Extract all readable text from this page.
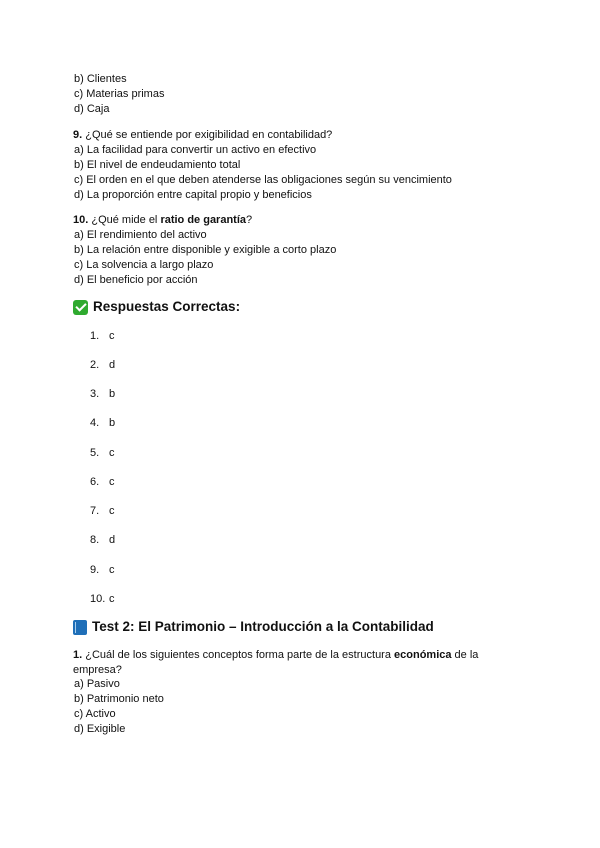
b) Clientes
c) Materias primas
d) Caja
9. ¿Qué se entiende por exigibilidad en contabilidad?
a) La facilidad para convertir un activo en efectivo
b) El nivel de endeudamiento total
c) El orden en el que deben atenderse las obligaciones según su vencimiento
d) La proporción entre capital propio y beneficios
10. ¿Qué mide el ratio de garantía?
a) El rendimiento del activo
b) La relación entre disponible y exigible a corto plazo
c) La solvencia a largo plazo
d) El beneficio por acción
Respuestas Correctas:
1. c
2. d
3. b
4. b
5. c
6. c
7. c
8. d
9. c
10. c
Test 2: El Patrimonio – Introducción a la Contabilidad
1. ¿Cuál de los siguientes conceptos forma parte de la estructura económica de la
empresa?
a) Pasivo
b) Patrimonio neto
c) Activo
d) Exigible
